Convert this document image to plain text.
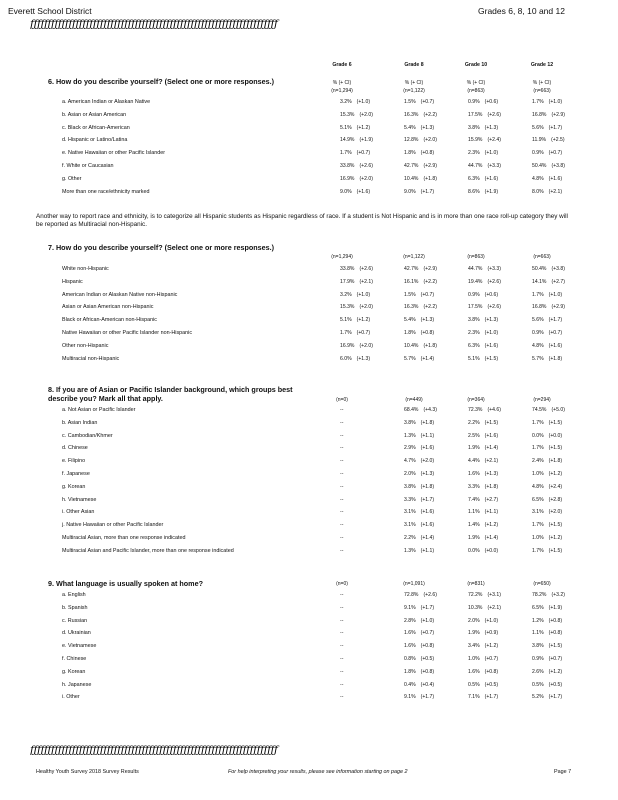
Everett School District	Grades 6, 8, 10 and 12
ƒƒƒƒƒƒƒƒƒƒƒƒƒƒƒƒƒƒƒƒƒƒƒƒƒƒƒƒƒƒƒƒƒƒƒƒƒƒƒƒƒƒƒƒƒƒƒƒƒƒƒƒƒƒƒƒƒƒƒƒƒƒƒƒƒƒƒƒƒƒƒ
Grade 6	Grade 8	Grade 10	Grade 12
% (+ CI)	% (+ CI)	% (+ CI)	% (+ CI)
6. How do you describe yourself? (Select one or more responses.)
(n=1,294)	(n=1,122)	(n=863)	(n=663)
a. American Indian or Alaskan Native	3.2% (+1.0)	1.5% (+0.7)	0.9% (+0.6)	1.7% (+1.0)
b. Asian or Asian American	15.3% (+2.0)	16.3% (+2.2)	17.5% (+2.6)	16.8% (+2.9)
c. Black or African-American	5.1% (+1.2)	5.4% (+1.3)	3.8% (+1.3)	5.6% (+1.7)
d. Hispanic or Latino/Latina	14.9% (+1.9)	12.8% (+2.0)	15.9% (+2.4)	11.9% (+2.5)
e. Native Hawaiian or other Pacific Islander	1.7% (+0.7)	1.8% (+0.8)	2.3% (+1.0)	0.9% (+0.7)
f. White or Caucasian	33.8% (+2.6)	42.7% (+2.9)	44.7% (+3.3)	50.4% (+3.8)
g. Other	16.9% (+2.0)	10.4% (+1.8)	6.3% (+1.6)	4.8% (+1.6)
More than one race/ethnicity marked	9.0% (+1.6)	9.0% (+1.7)	8.6% (+1.9)	8.0% (+2.1)
Another way to report race and ethnicity, is to categorize all Hispanic students as Hispanic regardless of race. If a student is Not Hispanic and is in more than one race roll-up category they will be reported as Multiracial non-Hispanic.
7. How do you describe yourself? (Select one or more responses.)
(n=1,294)	(n=1,122)	(n=863)	(n=663)
White non-Hispanic	33.8% (+2.6)	42.7% (+2.9)	44.7% (+3.3)	50.4% (+3.8)
Hispanic	17.9% (+2.1)	16.1% (+2.2)	19.4% (+2.6)	14.1% (+2.7)
American Indian or Alaskan Native non-Hispanic	3.2% (+1.0)	1.5% (+0.7)	0.9% (+0.6)	1.7% (+1.0)
Asian or Asian American non-Hispanic	15.3% (+2.0)	16.3% (+2.2)	17.5% (+2.6)	16.8% (+2.9)
Black or African-American non-Hispanic	5.1% (+1.2)	5.4% (+1.3)	3.8% (+1.3)	5.6% (+1.7)
Native Hawaiian or other Pacific Islander non-Hispanic	1.7% (+0.7)	1.8% (+0.8)	2.3% (+1.0)	0.9% (+0.7)
Other non-Hispanic	16.9% (+2.0)	10.4% (+1.8)	6.3% (+1.6)	4.8% (+1.6)
Multiracial non-Hispanic	6.0% (+1.3)	5.7% (+1.4)	5.1% (+1.5)	5.7% (+1.8)
8. If you are of Asian or Pacific Islander background, which groups best describe you? Mark all that apply.	(n=0)	(n=449)	(n=364)	(n=294)
a. Not Asian or Pacific Islander	--	68.4% (+4.3)	72.3% (+4.6)	74.5% (+5.0)
b. Asian Indian	--	3.8% (+1.8)	2.2% (+1.5)	1.7% (+1.5)
c. Cambodian/Khmer	--	1.3% (+1.1)	2.5% (+1.6)	0.0% (+0.0)
d. Chinese	--	2.9% (+1.6)	1.9% (+1.4)	1.7% (+1.5)
e. Filipino	--	4.7% (+2.0)	4.4% (+2.1)	2.4% (+1.8)
f. Japanese	--	2.0% (+1.3)	1.6% (+1.3)	1.0% (+1.2)
g. Korean	--	3.8% (+1.8)	3.3% (+1.8)	4.8% (+2.4)
h. Vietnamese	--	3.3% (+1.7)	7.4% (+2.7)	6.5% (+2.8)
i. Other Asian	--	3.1% (+1.6)	1.1% (+1.1)	3.1% (+2.0)
j. Native Hawaiian or other Pacific Islander	--	3.1% (+1.6)	1.4% (+1.2)	1.7% (+1.5)
Multiracial Asian, more than one response indicated	--	2.2% (+1.4)	1.9% (+1.4)	1.0% (+1.2)
Multiracial Asian and Pacific Islander, more than one response indicated	--	1.3% (+1.1)	0.0% (+0.0)	1.7% (+1.5)
9. What language is usually spoken at home?	(n=0)	(n=1,091)	(n=831)	(n=650)
a. English	--	72.8% (+2.6)	72.2% (+3.1)	78.2% (+3.2)
b. Spanish	--	9.1% (+1.7)	10.3% (+2.1)	6.5% (+1.9)
c. Russian	--	2.8% (+1.0)	2.0% (+1.0)	1.2% (+0.8)
d. Ukrainian	--	1.6% (+0.7)	1.9% (+0.9)	1.1% (+0.8)
e. Vietnamese	--	1.6% (+0.8)	3.4% (+1.2)	3.8% (+1.5)
f. Chinese	--	0.8% (+0.5)	1.0% (+0.7)	0.9% (+0.7)
g. Korean	--	1.8% (+0.8)	1.6% (+0.8)	2.6% (+1.2)
h. Japanese	--	0.4% (+0.4)	0.5% (+0.5)	0.5% (+0.5)
i. Other	--	9.1% (+1.7)	7.1% (+1.7)	5.2% (+1.7)
ƒƒƒƒƒƒƒƒƒƒƒƒƒƒƒƒƒƒƒƒƒƒƒƒƒƒƒƒƒƒƒƒƒƒƒƒƒƒƒƒƒƒƒƒƒƒƒƒƒƒƒƒƒƒƒƒƒƒƒƒƒƒƒƒƒƒƒƒƒƒƒ
Healthy Youth Survey 2018 Survey Results	For help interpreting your results, please see information starting on page 2	Page 7
